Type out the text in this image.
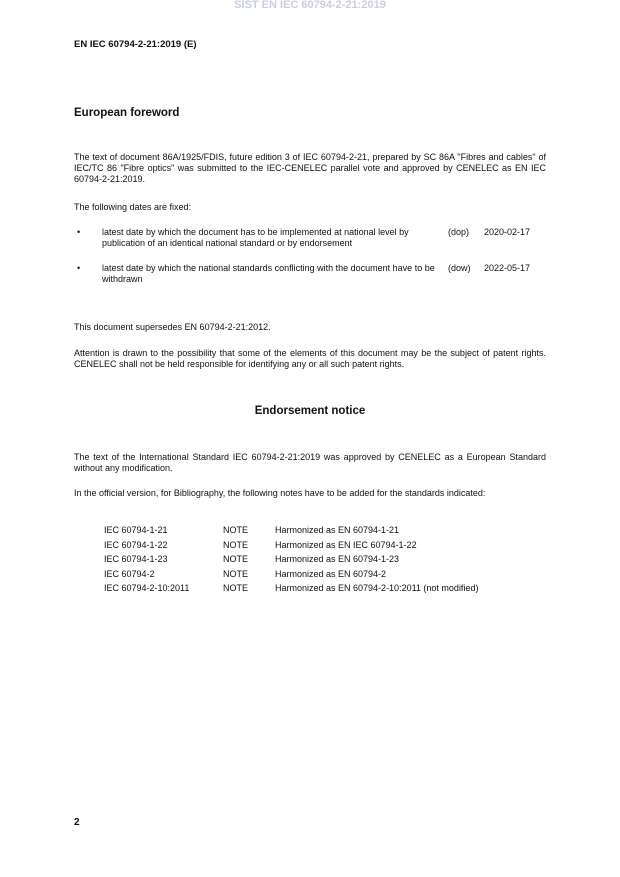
SIST EN IEC 60794-2-21:2019
EN IEC 60794-2-21:2019 (E)
European foreword
The text of document 86A/1925/FDIS, future edition 3 of IEC 60794-2-21, prepared by SC 86A "Fibres and cables" of IEC/TC 86 "Fibre optics" was submitted to the IEC-CENELEC parallel vote and approved by CENELEC as EN IEC 60794-2-21:2019.
The following dates are fixed:
• latest date by which the document has to be implemented at national level by publication of an identical national standard or by endorsement
(dop) 2020-02-17
• latest date by which the national standards conflicting with the document have to be withdrawn
(dow) 2022-05-17
This document supersedes EN 60794-2-21:2012.
Attention is drawn to the possibility that some of the elements of this document may be the subject of patent rights. CENELEC shall not be held responsible for identifying any or all such patent rights.
Endorsement notice
The text of the International Standard IEC 60794-2-21:2019 was approved by CENELEC as a European Standard without any modification.
In the official version, for Bibliography, the following notes have to be added for the standards indicated:
IEC 60794-1-21	NOTE	Harmonized as EN 60794-1-21
IEC 60794-1-22	NOTE	Harmonized as EN IEC 60794-1-22
IEC 60794-1-23	NOTE	Harmonized as EN 60794-1-23
IEC 60794-2	NOTE	Harmonized as EN 60794-2
IEC 60794-2-10:2011	NOTE	Harmonized as EN 60794-2-10:2011 (not modified)
2
